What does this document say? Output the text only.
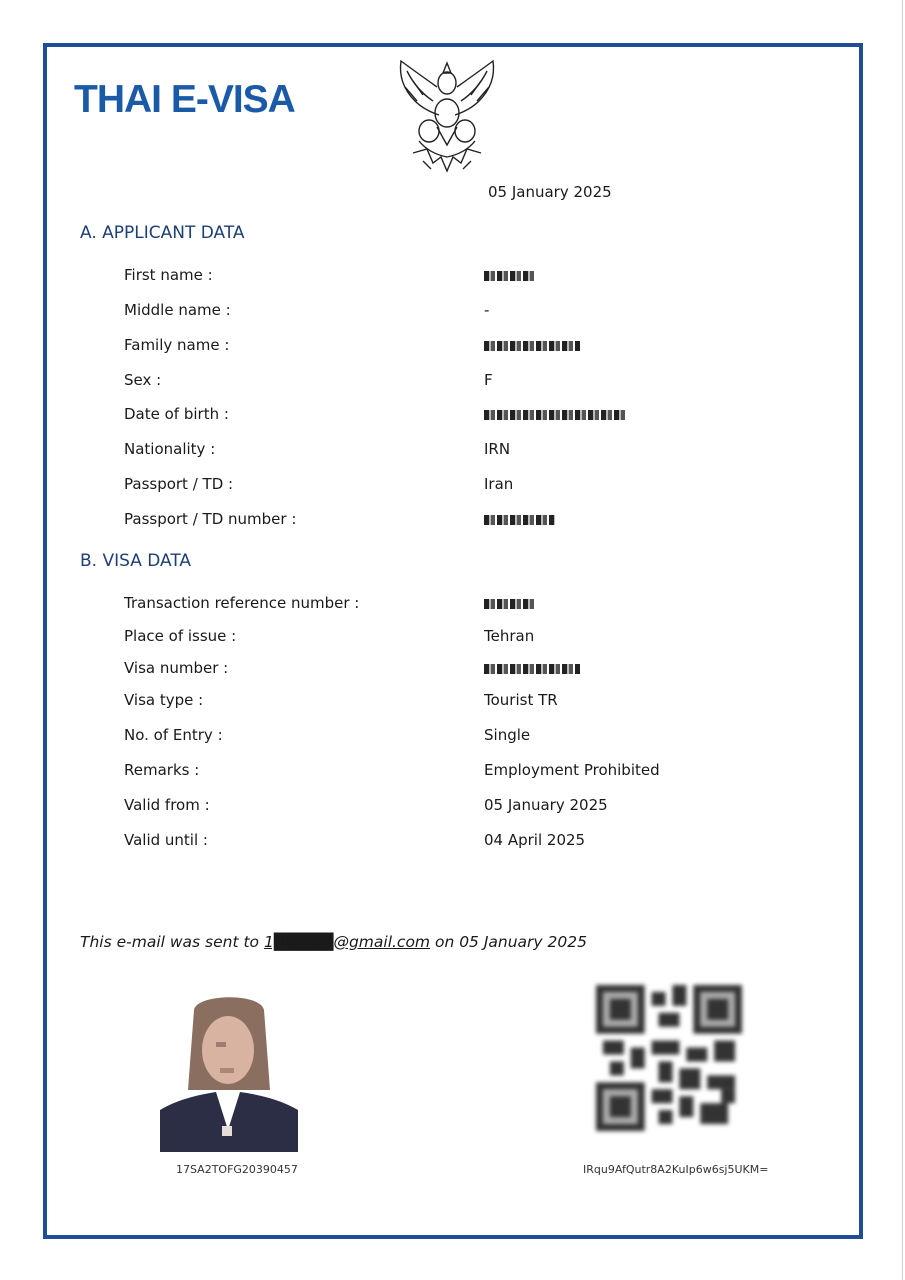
THAI E-VISA
05 January 2025
A. APPLICANT DATA
First name :
Middle name :	-
Family name :
Sex :	F
Date of birth :
Nationality :	IRN
Passport / TD :	Iran
Passport / TD number :
B. VISA DATA
Transaction reference number :
Place of issue :	Tehran
Visa number :
Visa type :	Tourist TR
No. of Entry :	Single
Remarks :	Employment Prohibited
Valid from :	05 January 2025
Valid until :	04 April 2025
This e-mail was sent to 1█████@gmail.com on 05 January 2025
17SA2TOFG20390457	IRqu9AfQutr8A2KuIp6w6sj5UKM=
